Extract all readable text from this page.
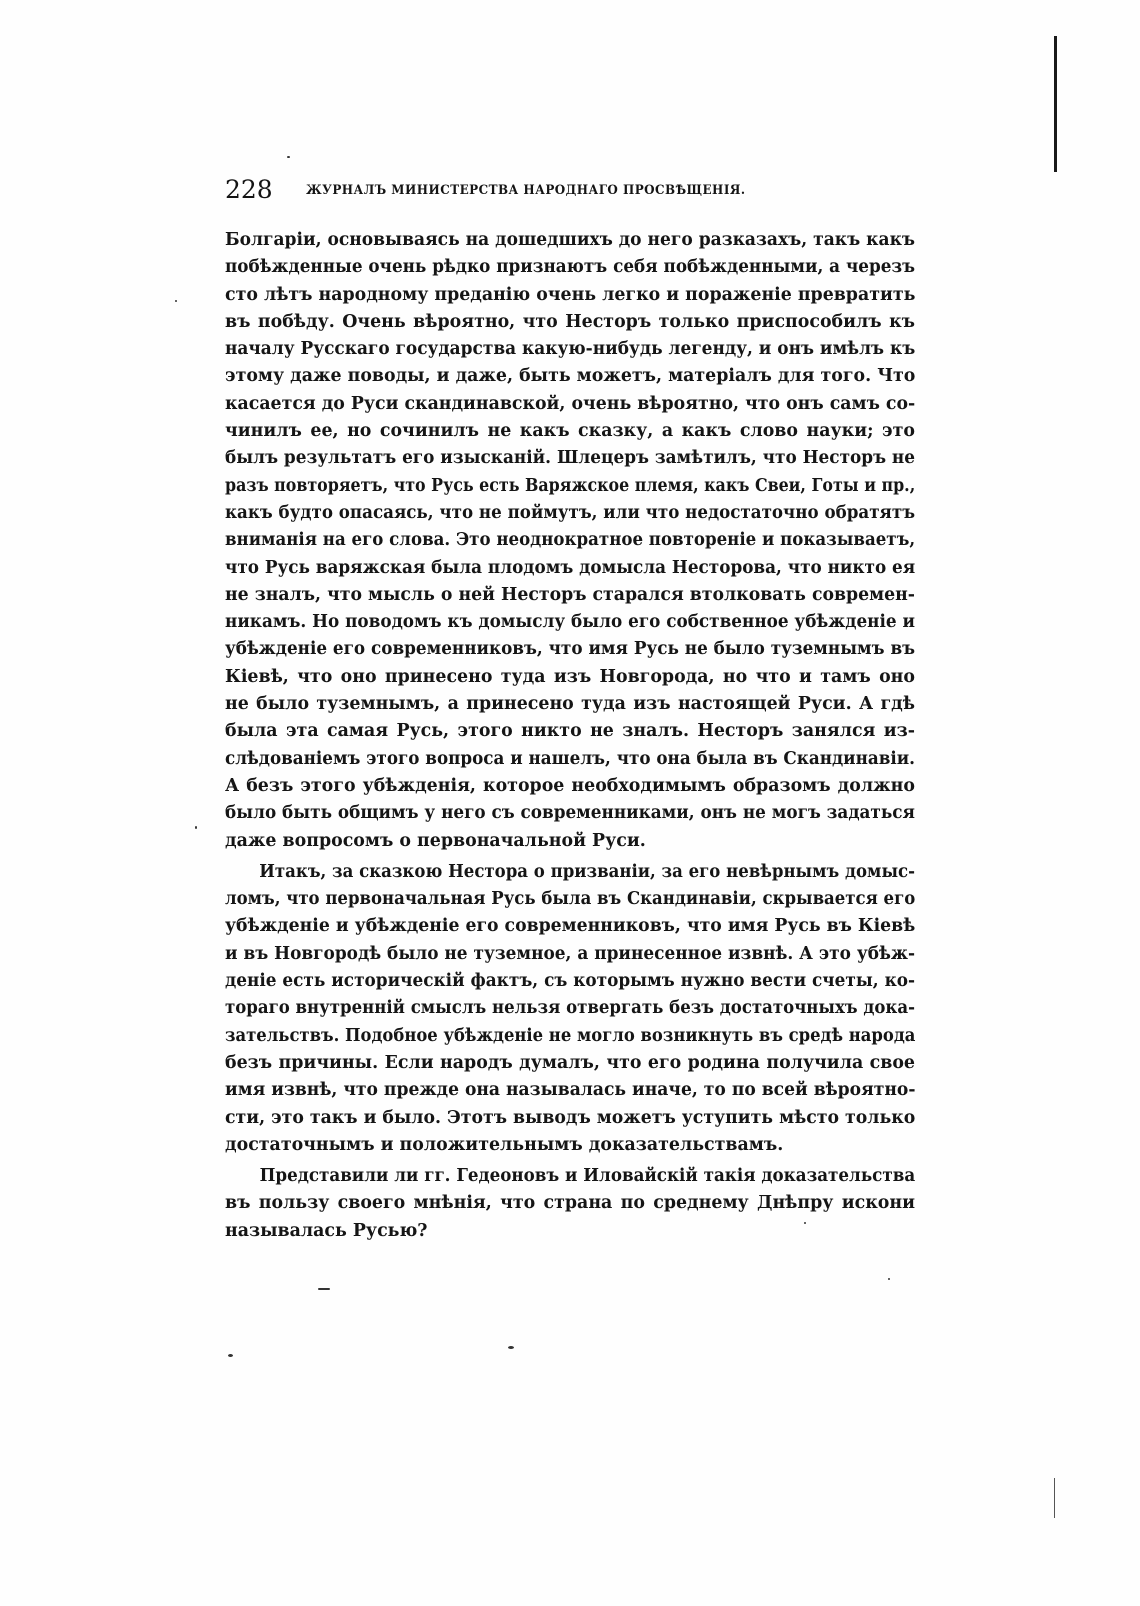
228	ЖУРНАЛЪ МИНИСТЕРСТВА НАРОДНАГО ПРОСВѢЩЕНІЯ.
Болгаріи, основываясь на дошедшихъ до него разказахъ, такъ какъ
побѣжденные очень рѣдко признаютъ себя побѣжденными, а черезъ
сто лѣтъ народному преданію очень легко и пораженіе превратить
въ побѣду. Очень вѣроятно, что Несторъ только приспособилъ къ
началу Русскаго государства какую-нибудь легенду, и онъ имѣлъ къ
этому даже поводы, и даже, быть можетъ, матеріалъ для того. Что
касается до Руси скандинавской, очень вѣроятно, что онъ самъ со-
чинилъ ее, но сочинилъ не какъ сказку, а какъ слово науки; это
былъ результатъ его изысканій. Шлецеръ замѣтилъ, что Несторъ не
разъ повторяетъ, что Русь есть Варяжское племя, какъ Свеи, Готы и пр.,
какъ будто опасаясь, что не поймутъ, или что недостаточно обратятъ
вниманія на его слова. Это неоднократное повтореніе и показываетъ,
что Русь варяжская была плодомъ домысла Несторова, что никто ея
не зналъ, что мысль о ней Несторъ старался втолковать современ-
никамъ. Но поводомъ къ домыслу было его собственное убѣжденіе и
убѣжденіе его современниковъ, что имя Русь не было туземнымъ въ
Кіевѣ, что оно принесено туда изъ Новгорода, но что и тамъ оно
не было туземнымъ, а принесено туда изъ настоящей Руси. А гдѣ
была эта самая Русь, этого никто не зналъ. Несторъ занялся из-
слѣдованіемъ этого вопроса и нашелъ, что она была въ Скандинавіи.
А безъ этого убѣжденія, которое необходимымъ образомъ должно
было быть общимъ у него съ современниками, онъ не могъ задаться
даже вопросомъ о первоначальной Руси.
Итакъ, за сказкою Нестора о призваніи, за его невѣрнымъ домыс-
ломъ, что первоначальная Русь была въ Скандинавіи, скрывается его
убѣжденіе и убѣжденіе его современниковъ, что имя Русь въ Кіевѣ
и въ Новгородѣ было не туземное, а принесенное извнѣ. А это убѣж-
деніе есть историческій фактъ, съ которымъ нужно вести счеты, ко-
тораго внутренній смыслъ нельзя отвергать безъ достаточныхъ дока-
зательствъ. Подобное убѣжденіе не могло возникнуть въ средѣ народа
безъ причины. Если народъ думалъ, что его родина получила свое
имя извнѣ, что прежде она называлась иначе, то по всей вѣроятно-
сти, это такъ и было. Этотъ выводъ можетъ уступить мѣсто только
достаточнымъ и положительнымъ доказательствамъ.
Представили ли гг. Гедеоновъ и Иловайскій такія доказательства
въ пользу своего мнѣнія, что страна по среднему Днѣпру искони
называлась Русью?
